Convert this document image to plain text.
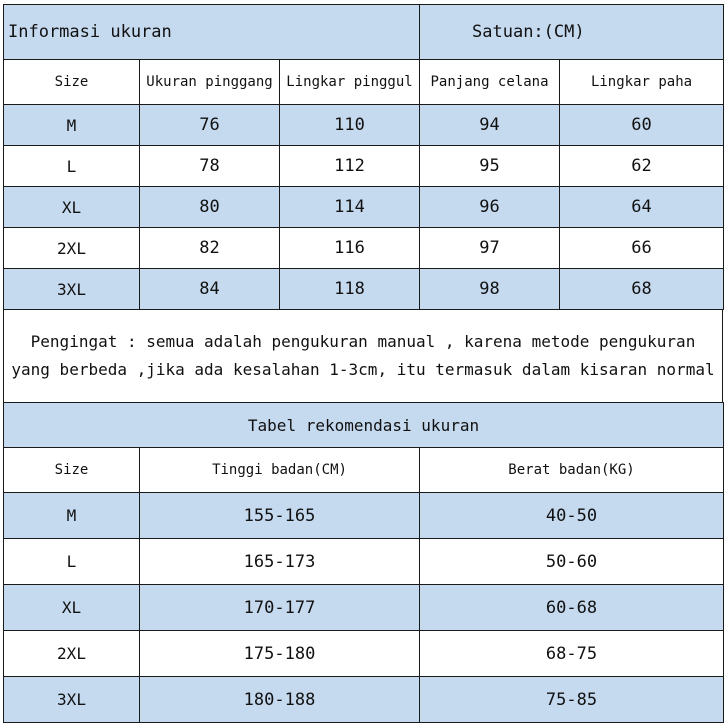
Informasi ukuran			Satuan:(CM)	
Size	Ukuran pinggang	Lingkar pinggul	Panjang celana	Lingkar paha
M	76	110	94	60
L	78	112	95	62
XL	80	114	96	64
2XL	82	116	97	66
3XL	84	118	98	68
Pengingat : semua adalah pengukuran manual , karena metode pengukuran
yang berbeda ,jika ada kesalahan 1-3cm, itu termasuk dalam kisaran normal
Tabel rekomendasi ukuran		
Size	Tinggi badan(CM)	Berat badan(KG)
M	155-165	40-50
L	165-173	50-60
XL	170-177	60-68
2XL	175-180	68-75
3XL	180-188	75-85
